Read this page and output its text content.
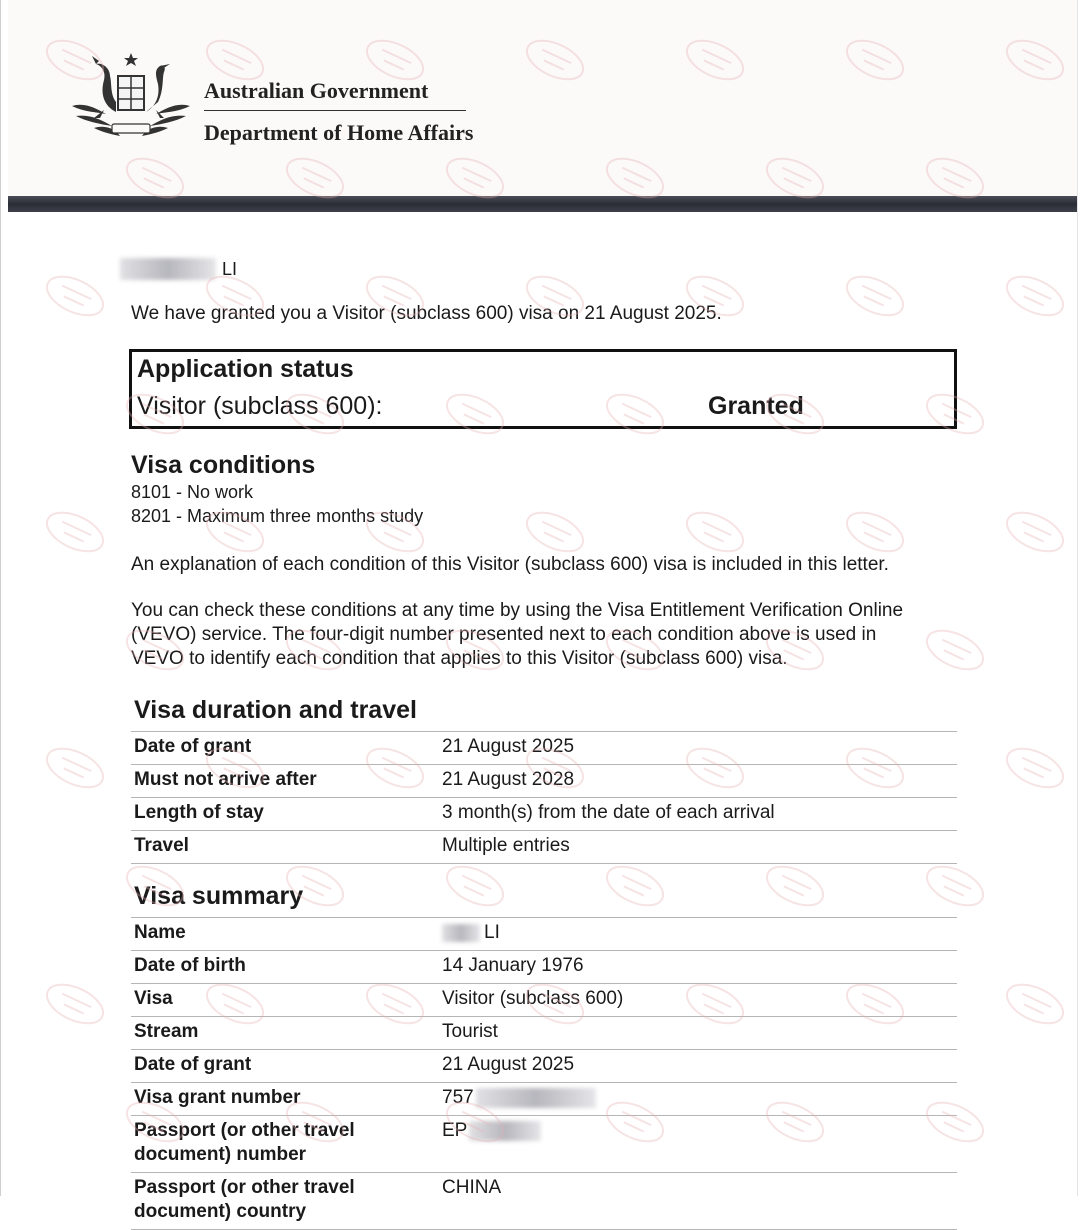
Australian Government
Department of Home Affairs
LI
We have granted you a Visitor (subclass 600) visa on 21 August 2025.
Application status
Visitor (subclass 600):	Granted
Visa conditions
8101 - No work
8201 - Maximum three months study
An explanation of each condition of this Visitor (subclass 600) visa is included in this letter.
You can check these conditions at any time by using the Visa Entitlement Verification Online
(VEVO) service. The four-digit number presented next to each condition above is used in
VEVO to identify each condition that applies to this Visitor (subclass 600) visa.
Visa duration and travel
Date of grant	21 August 2025
Must not arrive after	21 August 2028
Length of stay	3 month(s) from the date of each arrival
Travel	Multiple entries
Visa summary
Name	LI
Date of birth	14 January 1976
Visa	Visitor (subclass 600)
Stream	Tourist
Date of grant	21 August 2025
Visa grant number	757
Passport (or other travel document) number	EP
Passport (or other travel document) country	CHINA
